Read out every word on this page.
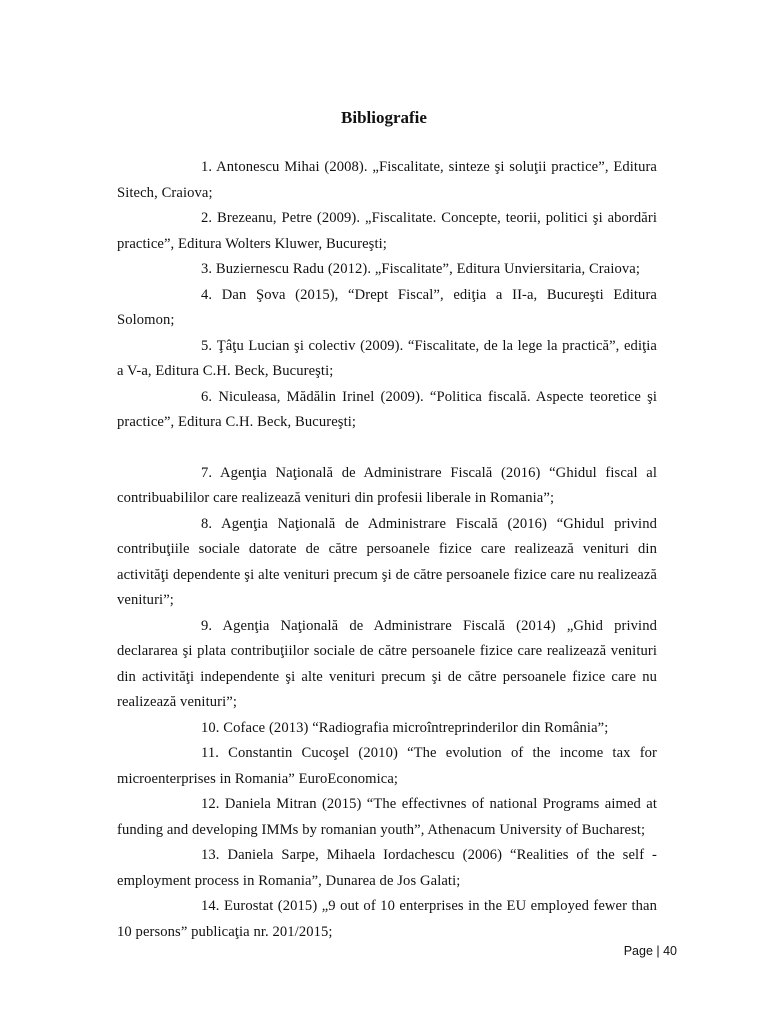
Bibliografie

1. Antonescu Mihai (2008). „Fiscalitate, sinteze şi soluţii practice”, Editura Sitech, Craiova;

2. Brezeanu, Petre (2009). „Fiscalitate. Concepte, teorii, politici şi abordări practice”, Editura Wolters Kluwer, Bucureşti;

3. Buziernescu Radu (2012). „Fiscalitate”, Editura Unviersitaria, Craiova;

4. Dan Şova (2015), “Drept Fiscal”, ediţia a II-a, Bucureşti Editura Solomon;

5. Ţâţu Lucian şi colectiv (2009). “Fiscalitate, de la lege la practică”, ediţia a V-a, Editura C.H. Beck, Bucureşti;

6. Niculeasa, Mădălin Irinel (2009). “Politica fiscală. Aspecte teoretice şi practice”, Editura C.H. Beck, Bucureşti;

7. Agenţia Naţională de Administrare Fiscală (2016) “Ghidul fiscal al contribuabililor care realizează venituri din profesii liberale in Romania”;

8. Agenţia Naţională de Administrare Fiscală (2016) “Ghidul privind contribuţiile sociale datorate de către persoanele fizice care realizează venituri din activităţi dependente şi alte venituri precum şi de către persoanele fizice care nu realizează venituri”;

9. Agenţia Naţională de Administrare Fiscală (2014) „Ghid privind declararea şi plata contribuţiilor sociale de către persoanele fizice care realizează venituri din activităţi independente şi alte venituri precum şi de către persoanele fizice care nu realizează venituri”;

10. Coface (2013) “Radiografia microîntreprinderilor din România”;

11. Constantin Cucoşel (2010) “The evolution of the income tax for microenterprises in Romania” EuroEconomica;

12. Daniela Mitran (2015) “The effectivnes of national Programs aimed at funding and developing IMMs by romanian youth”, Athenacum University of Bucharest;

13. Daniela Sarpe, Mihaela Iordachescu (2006) “Realities of the self - employment process in Romania”, Dunarea de Jos Galati;

14. Eurostat (2015) „9 out of 10 enterprises in the EU employed fewer than 10 persons” publicaţia nr. 201/2015;

Page | 40
